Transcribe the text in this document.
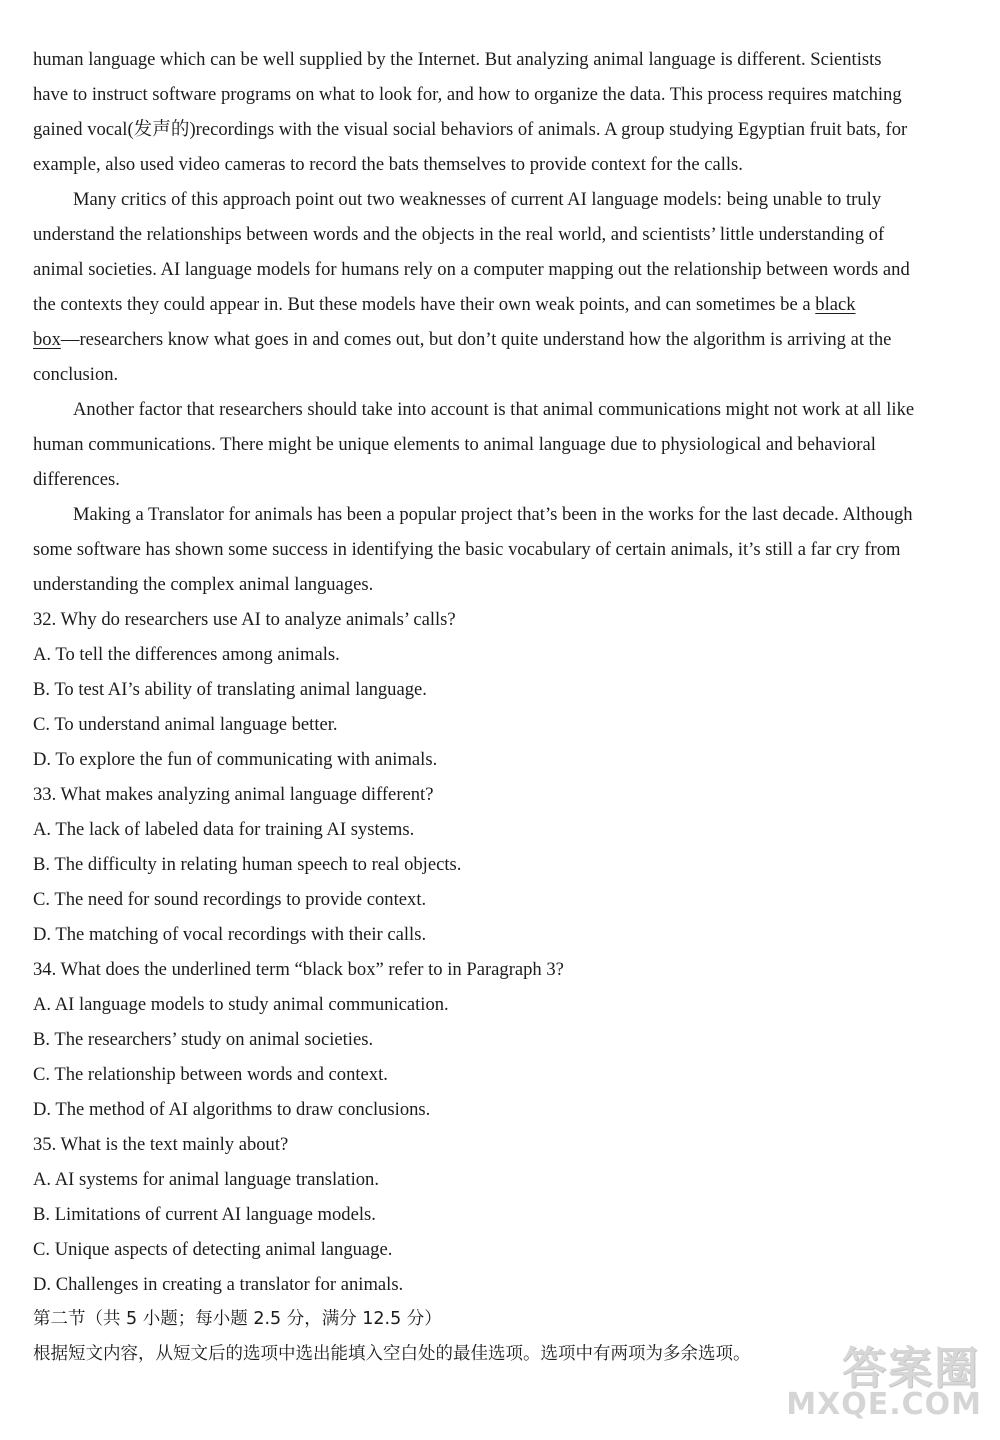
human language which can be well supplied by the Internet. But analyzing animal language is different. Scientists
have to instruct software programs on what to look for, and how to organize the data. This process requires matching
gained vocal(发声的)recordings with the visual social behaviors of animals. A group studying Egyptian fruit bats, for
example, also used video cameras to record the bats themselves to provide context for the calls.
Many critics of this approach point out two weaknesses of current AI language models: being unable to truly
understand the relationships between words and the objects in the real world, and scientists’ little understanding of
animal societies. AI language models for humans rely on a computer mapping out the relationship between words and
the contexts they could appear in. But these models have their own weak points, and can sometimes be a black
box—researchers know what goes in and comes out, but don’t quite understand how the algorithm is arriving at the
conclusion.
Another factor that researchers should take into account is that animal communications might not work at all like
human communications. There might be unique elements to animal language due to physiological and behavioral
differences.
Making a Translator for animals has been a popular project that’s been in the works for the last decade. Although
some software has shown some success in identifying the basic vocabulary of certain animals, it’s still a far cry from
understanding the complex animal languages.
32. Why do researchers use AI to analyze animals’ calls?
A. To tell the differences among animals.
B. To test AI’s ability of translating animal language.
C. To understand animal language better.
D. To explore the fun of communicating with animals.
33. What makes analyzing animal language different?
A. The lack of labeled data for training AI systems.
B. The difficulty in relating human speech to real objects.
C. The need for sound recordings to provide context.
D. The matching of vocal recordings with their calls.
34. What does the underlined term “black box” refer to in Paragraph 3?
A. AI language models to study animal communication.
B. The researchers’ study on animal societies.
C. The relationship between words and context.
D. The method of AI algorithms to draw conclusions.
35. What is the text mainly about?
A. AI systems for animal language translation.
B. Limitations of current AI language models.
C. Unique aspects of detecting animal language.
D. Challenges in creating a translator for animals.
第二节（共 5 小题；每小题 2.5 分，满分 12.5 分）
根据短文内容，从短文后的选项中选出能填入空白处的最佳选项。选项中有两项为多余选项。	答案圈
MXQE.COM
